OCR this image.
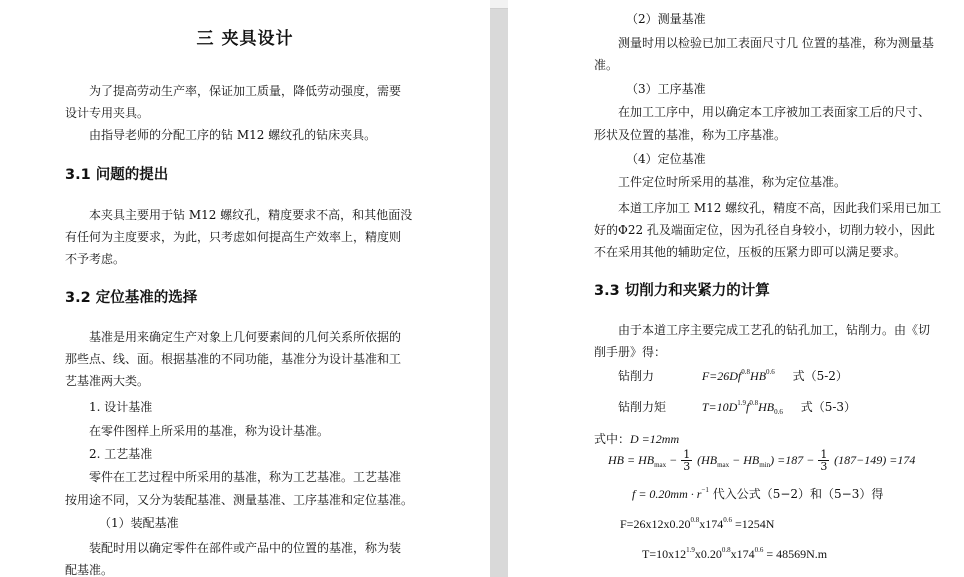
三 夹具设计
为了提高劳动生产率，保证加工质量，降低劳动强度，需要
设计专用夹具。
由指导老师的分配工序的钻 M12 螺纹孔的钻床夹具。
3.1 问题的提出
本夹具主要用于钻 M12 螺纹孔，精度要求不高，和其他面没
有任何为主度要求，为此，只考虑如何提高生产效率上，精度则
不予考虑。
3.2 定位基准的选择
基准是用来确定生产对象上几何要素间的几何关系所依据的
那些点、线、面。根据基准的不同功能，基准分为设计基准和工
艺基准两大类。
1. 设计基准
在零件图样上所采用的基准，称为设计基准。
2. 工艺基准
零件在工艺过程中所采用的基准，称为工艺基准。工艺基准
按用途不同，又分为装配基准、测量基准、工序基准和定位基准。
（1）装配基准
装配时用以确定零件在部件或产品中的位置的基准，称为装
配基准。
（2）测量基准
测量时用以检验已加工表面尺寸几 位置的基准，称为测量基
准。
（3）工序基准
在加工工序中，用以确定本工序被加工表面家工后的尺寸、
形状及位置的基准，称为工序基准。
（4）定位基准
工件定位时所采用的基准，称为定位基准。
本道工序加工 M12 螺纹孔，精度不高，因此我们采用已加工
好的Φ22 孔及端面定位，因为孔径自身较小，切削力较小，因此
不在采用其他的辅助定位，压板的压紧力即可以满足要求。
3.3 切削力和夹紧力的计算
由于本道工序主要完成工艺孔的钻孔加工，钻削力。由《切
削手册》得：
钻削力	$F=26Df^{0.8}HB^{0.6}$ 式（5-2）
钻削力矩	$T=10D^{1.9}f^{0.8}HB_{0.6}$ 式（5-3）
式中：D =12mm
HB = $HB_{max} - \frac{1}{3} (HB_{max} - HB_{min}) =187 - \frac{1}{3} (187-149) =174$
$f = 0.20mm \cdot r^{-1}$ 代入公式（5−2）和（5−3）得
$F=26x12x0.20^{0.8}x174^{0.6} =1254N$
$T=10x12^{1.9}x0.20^{0.8}x174^{0.6} = 48569N.m$
